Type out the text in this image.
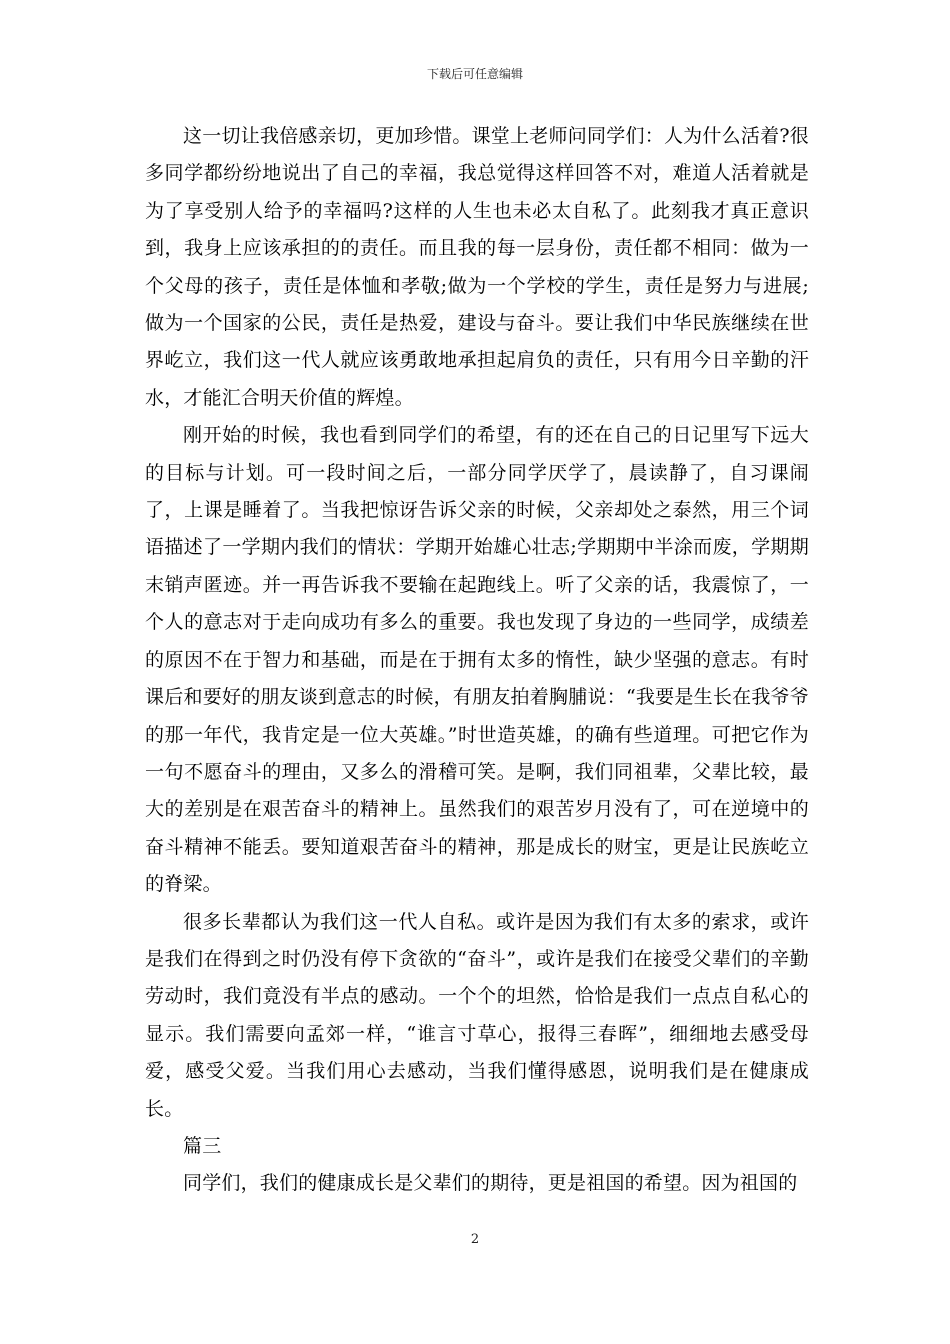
下载后可任意编辑

这一切让我倍感亲切，更加珍惜。课堂上老师问同学们：人为什么活着?很多同学都纷纷地说出了自己的幸福，我总觉得这样回答不对，难道人活着就是为了享受别人给予的幸福吗?这样的人生也未必太自私了。此刻我才真正意识到，我身上应该承担的的责任。而且我的每一层身份，责任都不相同：做为一个父母的孩子，责任是体恤和孝敬;做为一个学校的学生，责任是努力与进展;做为一个国家的公民，责任是热爱，建设与奋斗。要让我们中华民族继续在世界屹立，我们这一代人就应该勇敢地承担起肩负的责任，只有用今日辛勤的汗水，才能汇合明天价值的辉煌。

刚开始的时候，我也看到同学们的希望，有的还在自己的日记里写下远大的目标与计划。可一段时间之后，一部分同学厌学了，晨读静了，自习课闹了，上课是睡着了。当我把惊讶告诉父亲的时候，父亲却处之泰然，用三个词语描述了一学期内我们的情状：学期开始雄心壮志;学期期中半涂而废，学期期末销声匿迹。并一再告诉我不要输在起跑线上。听了父亲的话，我震惊了，一个人的意志对于走向成功有多么的重要。我也发现了身边的一些同学，成绩差的原因不在于智力和基础，而是在于拥有太多的惰性，缺少坚强的意志。有时课后和要好的朋友谈到意志的时候，有朋友拍着胸脯说：“我要是生长在我爷爷的那一年代，我肯定是一位大英雄。”时世造英雄，的确有些道理。可把它作为一句不愿奋斗的理由，又多么的滑稽可笑。是啊，我们同祖辈，父辈比较，最大的差别是在艰苦奋斗的精神上。虽然我们的艰苦岁月没有了，可在逆境中的奋斗精神不能丢。要知道艰苦奋斗的精神，那是成长的财宝，更是让民族屹立的脊梁。

很多长辈都认为我们这一代人自私。或许是因为我们有太多的索求，或许是我们在得到之时仍没有停下贪欲的“奋斗”，或许是我们在接受父辈们的辛勤劳动时，我们竟没有半点的感动。一个个的坦然，恰恰是我们一点点自私心的显示。我们需要向孟郊一样，“谁言寸草心，报得三春晖”，细细地去感受母爱，感受父爱。当我们用心去感动，当我们懂得感恩，说明我们是在健康成长。

篇三

同学们，我们的健康成长是父辈们的期待，更是祖国的希望。因为祖国的

2
